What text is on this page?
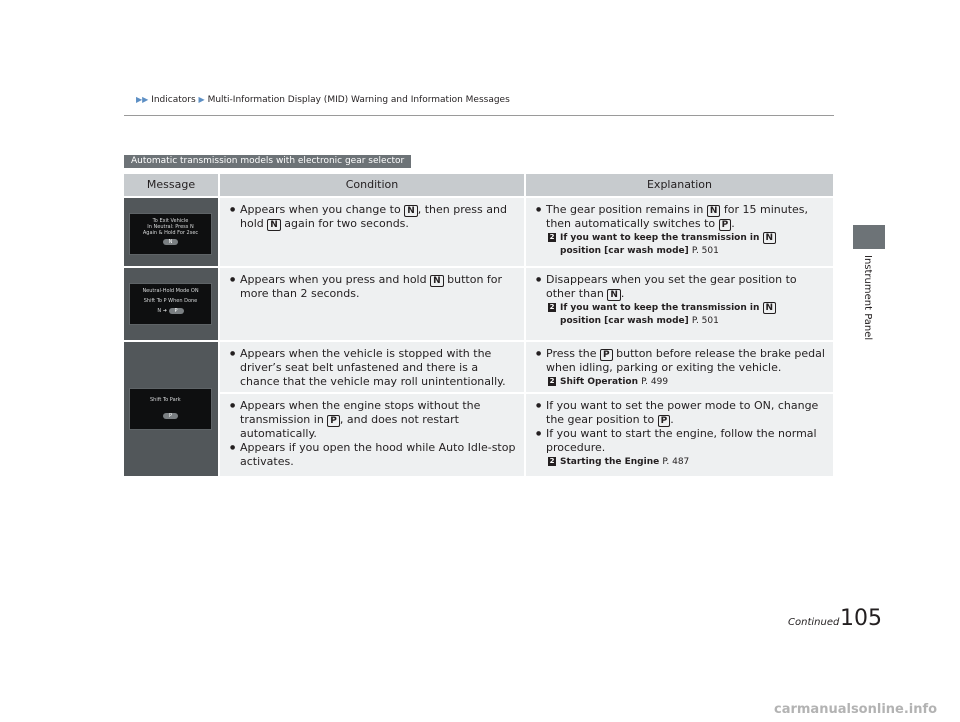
▶▶ Indicators ▶ Multi-Information Display (MID) Warning and Information Messages
Instrument Panel
Automatic transmission models with electronic gear selector
Message	Condition	Explanation
To Exit Vehicle
In Neutral: Press N
Again & Hold For 2sec
N
● Appears when you change to N , then press and hold N again for two seconds.
● The gear position remains in N for 15 minutes, then automatically switches to P .
2 If you want to keep the transmission in N
position [car wash mode] P. 501
Neutral-Hold Mode ON
Shift To P When Done
N ➜ P
● Appears when you press and hold N button for more than 2 seconds.
● Disappears when you set the gear position to other than N .
2 If you want to keep the transmission in N
position [car wash mode] P. 501
Shift To Park
P
● Appears when the vehicle is stopped with the driver’s seat belt unfastened and there is a chance that the vehicle may roll unintentionally.
● Press the P button before release the brake pedal when idling, parking or exiting the vehicle.
2 Shift Operation P. 499
● Appears when the engine stops without the transmission in P , and does not restart automatically.
● Appears if you open the hood while Auto Idle-stop activates.
● If you want to set the power mode to ON, change the gear position to P .
● If you want to start the engine, follow the normal procedure.
2 Starting the Engine P. 487
Continued 105
carmanualsonline.info
